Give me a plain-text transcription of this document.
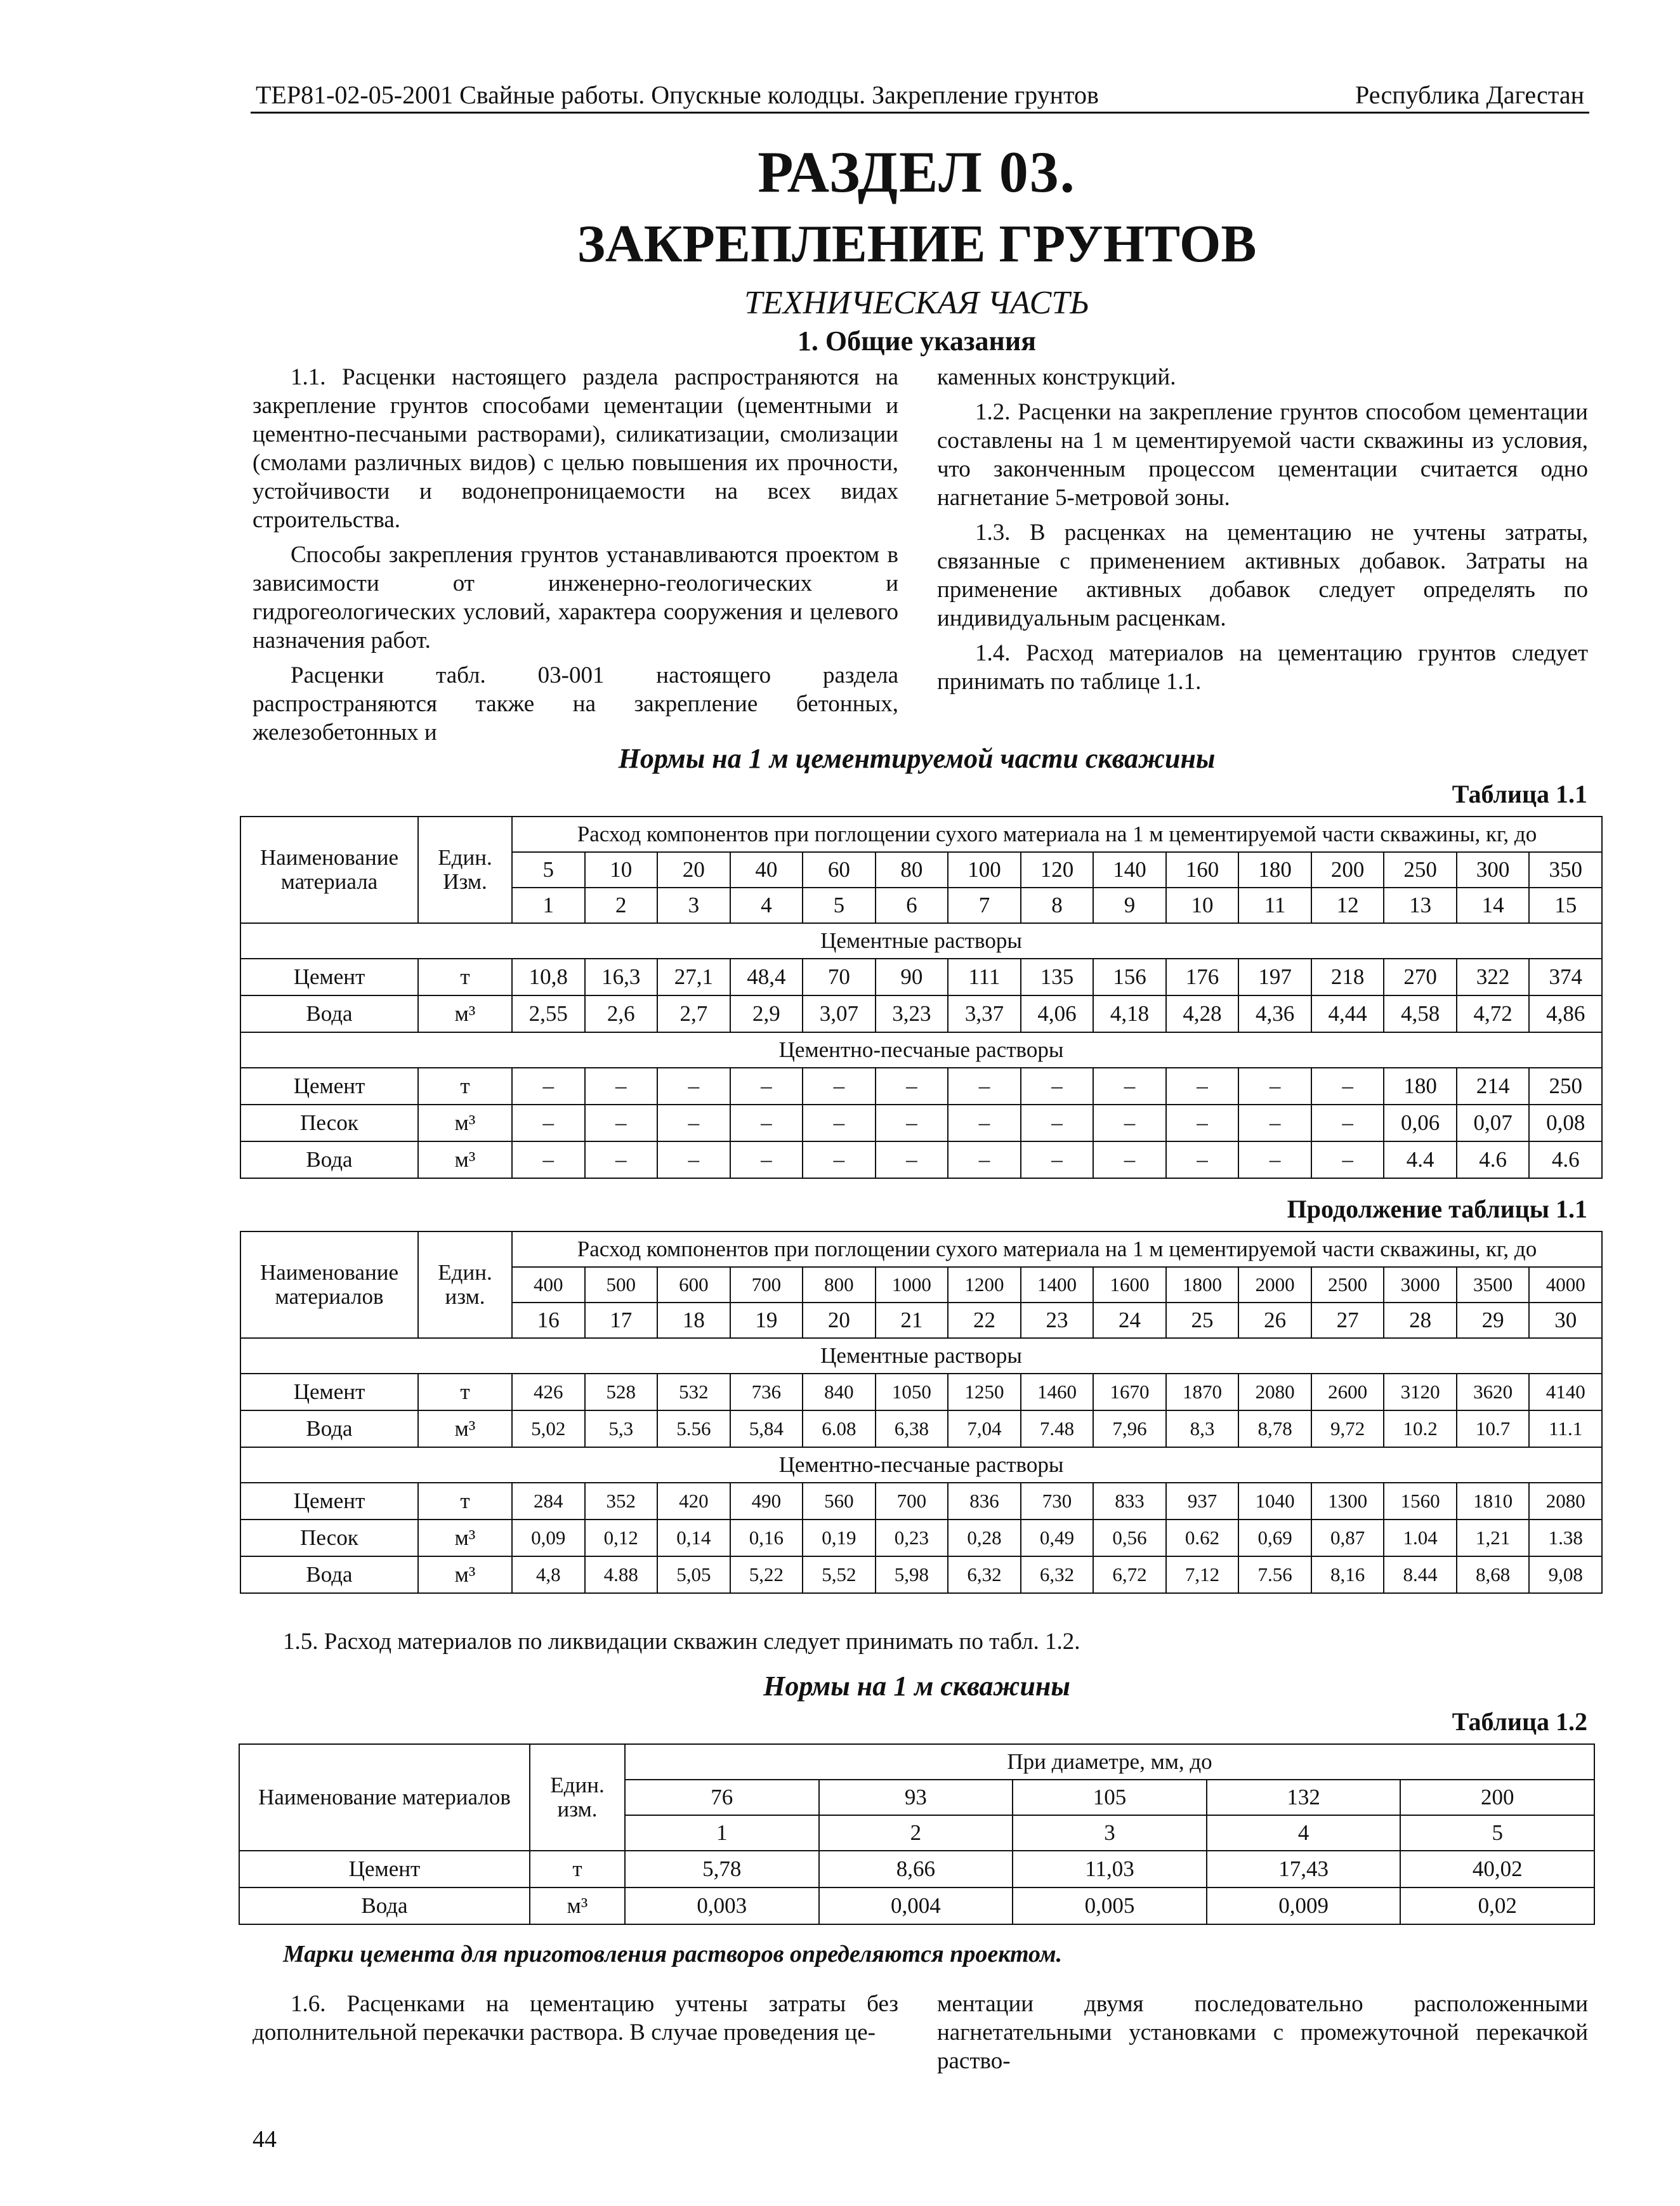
ТЕР81-02-05-2001 Свайные работы. Опускные колодцы. Закрепление грунтов	Республика Дагестан
РАЗДЕЛ 03.
ЗАКРЕПЛЕНИЕ ГРУНТОВ
ТЕХНИЧЕСКАЯ ЧАСТЬ
1. Общие указания

1.1. Расценки настоящего раздела распространяются на закрепление грунтов способами цементации (цементными и цементно-песчаными растворами), силикатизации, смолизации (смолами различных видов) с целью повышения их прочности, устойчивости и водонепроницаемости на всех видах строительства.

Способы закрепления грунтов устанавливаются проектом в зависимости от инженерно-геологических и гидрогеологических условий, характера сооружения и целевого назначения работ.

Расценки табл. 03-001 настоящего раздела распространяются также на закрепление бетонных, железобетонных и

каменных конструкций.

1.2. Расценки на закрепление грунтов способом цементации составлены на 1 м цементируемой части скважины из условия, что законченным процессом цементации считается одно нагнетание 5-метровой зоны.

1.3. В расценках на цементацию не учтены затраты, связанные с применением активных добавок. Затраты на применение активных добавок следует определять по индивидуальным расценкам.

1.4. Расход материалов на цементацию грунтов следует принимать по таблице 1.1.

Нормы на 1 м цементируемой части скважины
Таблица 1.1
Наименование материала	Един. Изм.	Расход компонентов при поглощении сухого материала на 1 м цементируемой части скважины, кг, до														
		5	10	20	40	60	80	100	120	140	160	180	200	250	300	350
		1	2	3	4	5	6	7	8	9	10	11	12	13	14	15
Цементные растворы																
Цемент	т	10,8	16,3	27,1	48,4	70	90	111	135	156	176	197	218	270	322	374
Вода	м³	2,55	2,6	2,7	2,9	3,07	3,23	3,37	4,06	4,18	4,28	4,36	4,44	4,58	4,72	4,86
Цементно-песчаные растворы																
Цемент	т	–	–	–	–	–	–	–	–	–	–	–	–	180	214	250
Песок	м³	–	–	–	–	–	–	–	–	–	–	–	–	0,06	0,07	0,08
Вода	м³	–	–	–	–	–	–	–	–	–	–	–	–	4.4	4.6	4.6
Продолжение таблицы 1.1
Наименование материалов	Един. изм.	Расход компонентов при поглощении сухого материала на 1 м цементируемой части скважины, кг, до														
		400	500	600	700	800	1000	1200	1400	1600	1800	2000	2500	3000	3500	4000
		16	17	18	19	20	21	22	23	24	25	26	27	28	29	30
Цементные растворы																
Цемент	т	426	528	532	736	840	1050	1250	1460	1670	1870	2080	2600	3120	3620	4140
Вода	м³	5,02	5,3	5.56	5,84	6.08	6,38	7,04	7.48	7,96	8,3	8,78	9,72	10.2	10.7	11.1
Цементно-песчаные растворы																
Цемент	т	284	352	420	490	560	700	836	730	833	937	1040	1300	1560	1810	2080
Песок	м³	0,09	0,12	0,14	0,16	0,19	0,23	0,28	0,49	0,56	0.62	0,69	0,87	1.04	1,21	1.38
Вода	м³	4,8	4.88	5,05	5,22	5,52	5,98	6,32	6,32	6,72	7,12	7.56	8,16	8.44	8,68	9,08
1.5. Расход материалов по ликвидации скважин следует принимать по табл. 1.2.
Нормы на 1 м скважины
Таблица 1.2
Наименование материалов	Един. изм.	При диаметре, мм, до				
		76	93	105	132	200
		1	2	3	4	5
Цемент	т	5,78	8,66	11,03	17,43	40,02
Вода	м³	0,003	0,004	0,005	0,009	0,02
Марки цемента для приготовления растворов определяются проектом.

1.6. Расценками на цементацию учтены затраты без дополнительной перекачки раствора. В случае проведения це-

ментации двумя последовательно расположенными нагнетательными установками с промежуточной перекачкой раство-

44
